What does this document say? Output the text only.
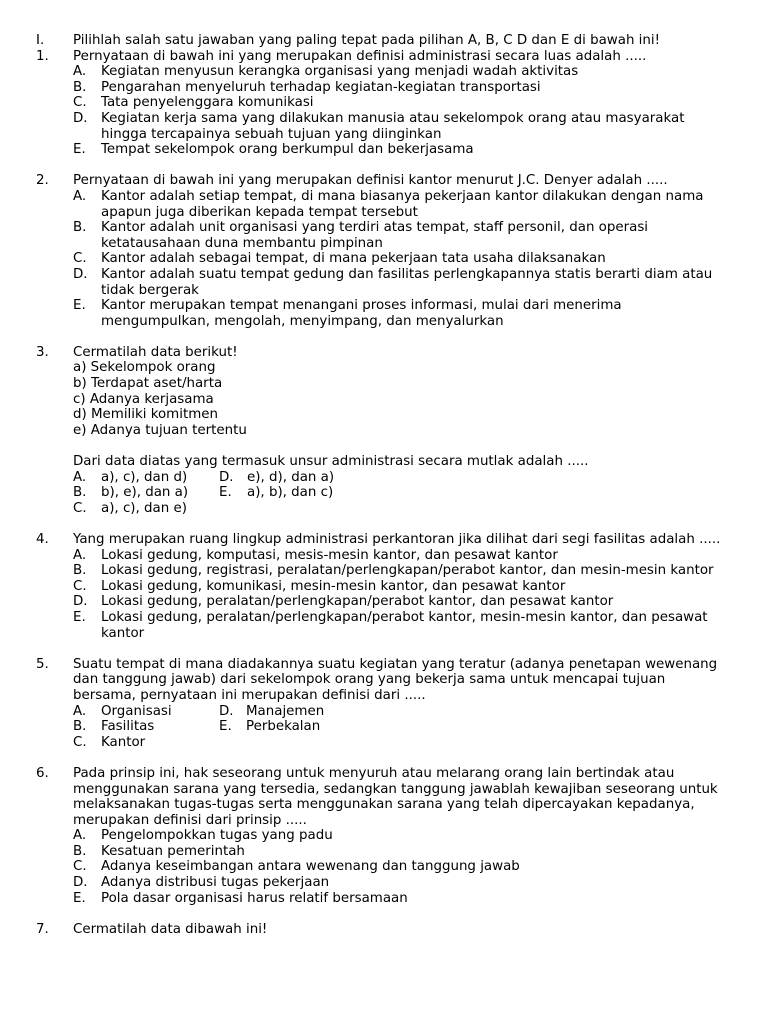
I. Pilihlah salah satu jawaban yang paling tepat pada pilihan A, B, C D dan E di bawah ini!
1. Pernyataan di bawah ini yang merupakan definisi administrasi secara luas adalah .....
A. Kegiatan menyusun kerangka organisasi yang menjadi wadah aktivitas
B. Pengarahan menyeluruh terhadap kegiatan-kegiatan transportasi
C. Tata penyelenggara komunikasi
D. Kegiatan kerja sama yang dilakukan manusia atau sekelompok orang atau masyarakat hingga tercapainya sebuah tujuan yang diinginkan
E. Tempat sekelompok orang berkumpul dan bekerjasama
2. Pernyataan di bawah ini yang merupakan definisi kantor menurut J.C. Denyer adalah .....
A. Kantor adalah setiap tempat, di mana biasanya pekerjaan kantor dilakukan dengan nama apapun juga diberikan kepada tempat tersebut
B. Kantor adalah unit organisasi yang terdiri atas tempat, staff personil, dan operasi ketatausahaan duna membantu pimpinan
C. Kantor adalah sebagai tempat, di mana pekerjaan tata usaha dilaksanakan
D. Kantor adalah suatu tempat gedung dan fasilitas perlengkapannya statis berarti diam atau tidak bergerak
E. Kantor merupakan tempat menangani proses informasi, mulai dari menerima mengumpulkan, mengolah, menyimpang, dan menyalurkan
3. Cermatilah data berikut!
a) Sekelompok orang
b) Terdapat aset/harta
c) Adanya kerjasama
d) Memiliki komitmen
e) Adanya tujuan tertentu
Dari data diatas yang termasuk unsur administrasi secara mutlak adalah .....
A. a), c), dan d) D. e), d), dan a)
B. b), e), dan a) E. a), b), dan c)
C. a), c), dan e)
4. Yang merupakan ruang lingkup administrasi perkantoran jika dilihat dari segi fasilitas adalah .....
A. Lokasi gedung, komputasi, mesis-mesin kantor, dan pesawat kantor
B. Lokasi gedung, registrasi, peralatan/perlengkapan/perabot kantor, dan mesin-mesin kantor
C. Lokasi gedung, komunikasi, mesin-mesin kantor, dan pesawat kantor
D. Lokasi gedung, peralatan/perlengkapan/perabot kantor, dan pesawat kantor
E. Lokasi gedung, peralatan/perlengkapan/perabot kantor, mesin-mesin kantor, dan pesawat kantor
5. Suatu tempat di mana diadakannya suatu kegiatan yang teratur (adanya penetapan wewenang dan tanggung jawab) dari sekelompok orang yang bekerja sama untuk mencapai tujuan bersama, pernyataan ini merupakan definisi dari .....
A. Organisasi	D. Manajemen
B. Fasilitas	E. Perbekalan
C. Kantor
6. Pada prinsip ini, hak seseorang untuk menyuruh atau melarang orang lain bertindak atau menggunakan sarana yang tersedia, sedangkan tanggung jawablah kewajiban seseorang untuk melaksanakan tugas-tugas serta menggunakan sarana yang telah dipercayakan kepadanya, merupakan definisi dari prinsip .....
A. Pengelompokkan tugas yang padu
B. Kesatuan pemerintah
C. Adanya keseimbangan antara wewenang dan tanggung jawab
D. Adanya distribusi tugas pekerjaan
E. Pola dasar organisasi harus relatif bersamaan
7. Cermatilah data dibawah ini!
